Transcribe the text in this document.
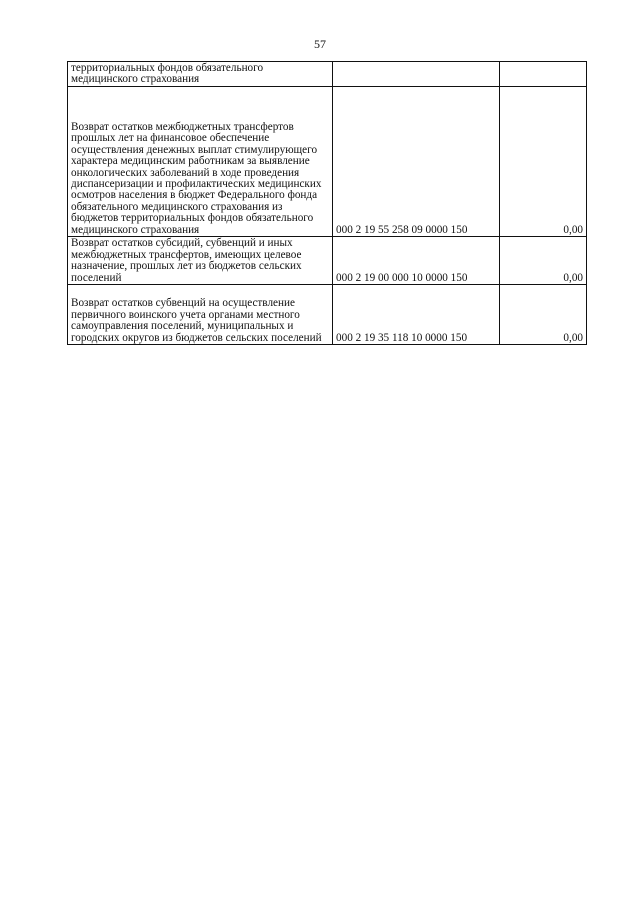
57
территориальных фондов обязательного медицинского страхования		
Возврат остатков межбюджетных трансфертов прошлых лет на финансовое обеспечение осуществления денежных выплат стимулирующего характера медицинским работникам за выявление онкологических заболеваний в ходе проведения диспансеризации и профилактических медицинских осмотров населения в бюджет Федерального фонда обязательного медицинского страхования из бюджетов территориальных фондов обязательного медицинского страхования	000 2 19 55 258 09 0000 150	0,00
Возврат остатков субсидий, субвенций и иных межбюджетных трансфертов, имеющих целевое назначение, прошлых лет из бюджетов сельских поселений	000 2 19 00 000 10 0000 150	0,00
Возврат остатков субвенций на осуществление первичного воинского учета органами местного самоуправления поселений, муниципальных и городских округов из бюджетов сельских поселений	000 2 19 35 118 10 0000 150	0,00
